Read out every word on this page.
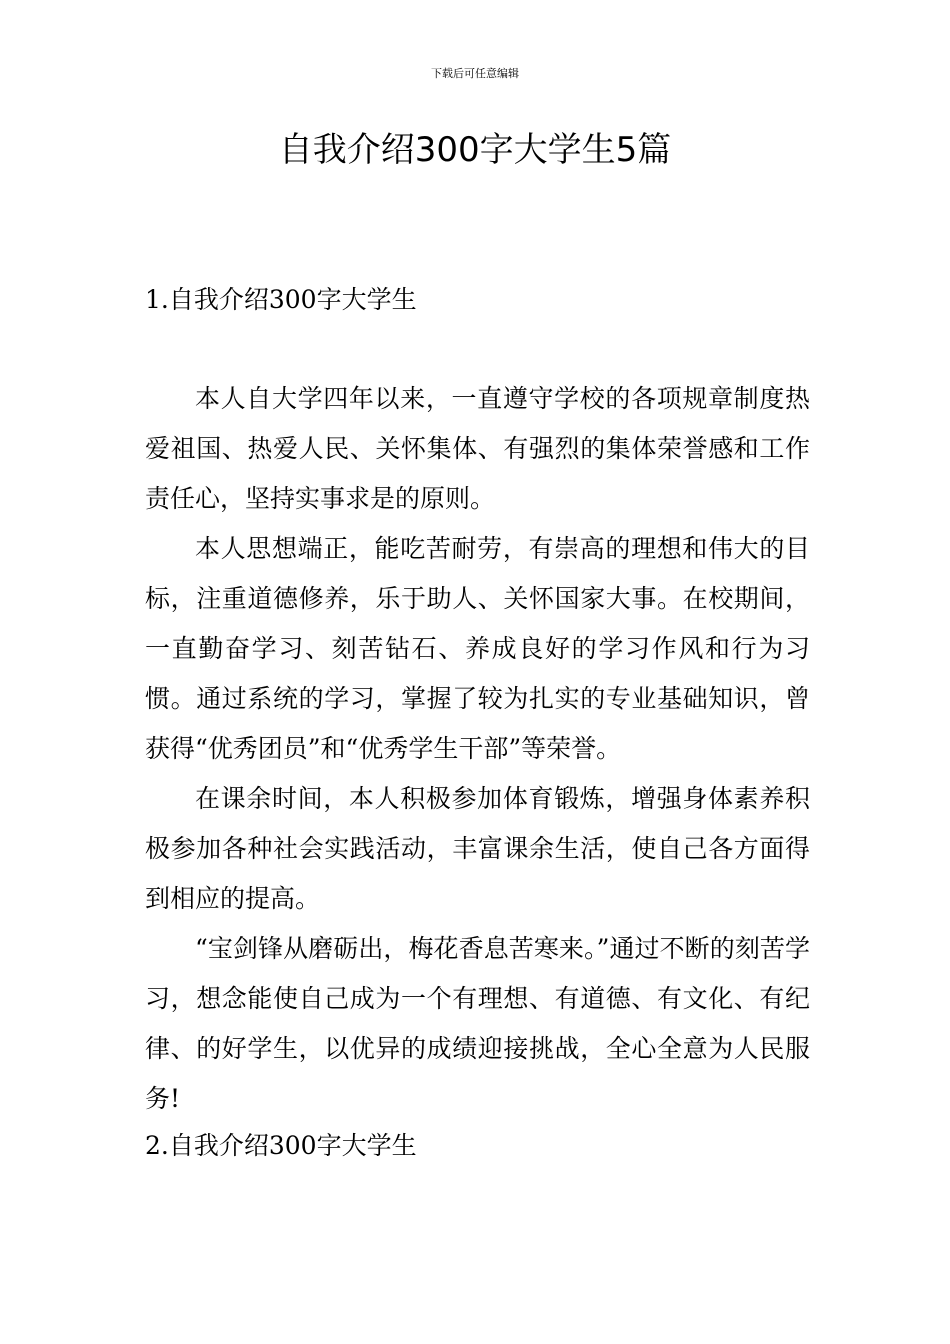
下载后可任意编辑
自我介绍300字大学生5篇
1.自我介绍300字大学生

本人自大学四年以来，一直遵守学校的各项规章制度热爱祖国、热爱人民、关怀集体、有强烈的集体荣誉感和工作责任心，坚持实事求是的原则。

本人思想端正，能吃苦耐劳，有崇高的理想和伟大的目标，注重道德修养，乐于助人、关怀国家大事。在校期间，一直勤奋学习、刻苦钻石、养成良好的学习作风和行为习惯。通过系统的学习，掌握了较为扎实的专业基础知识，曾获得“优秀团员”和“优秀学生干部”等荣誉。

在课余时间，本人积极参加体育锻炼，增强身体素养积极参加各种社会实践活动，丰富课余生活，使自己各方面得到相应的提高。

“宝剑锋从磨砺出，梅花香息苦寒来。”通过不断的刻苦学习，想念能使自己成为一个有理想、有道德、有文化、有纪律、的好学生，以优异的成绩迎接挑战，全心全意为人民服务!

2.自我介绍300字大学生
